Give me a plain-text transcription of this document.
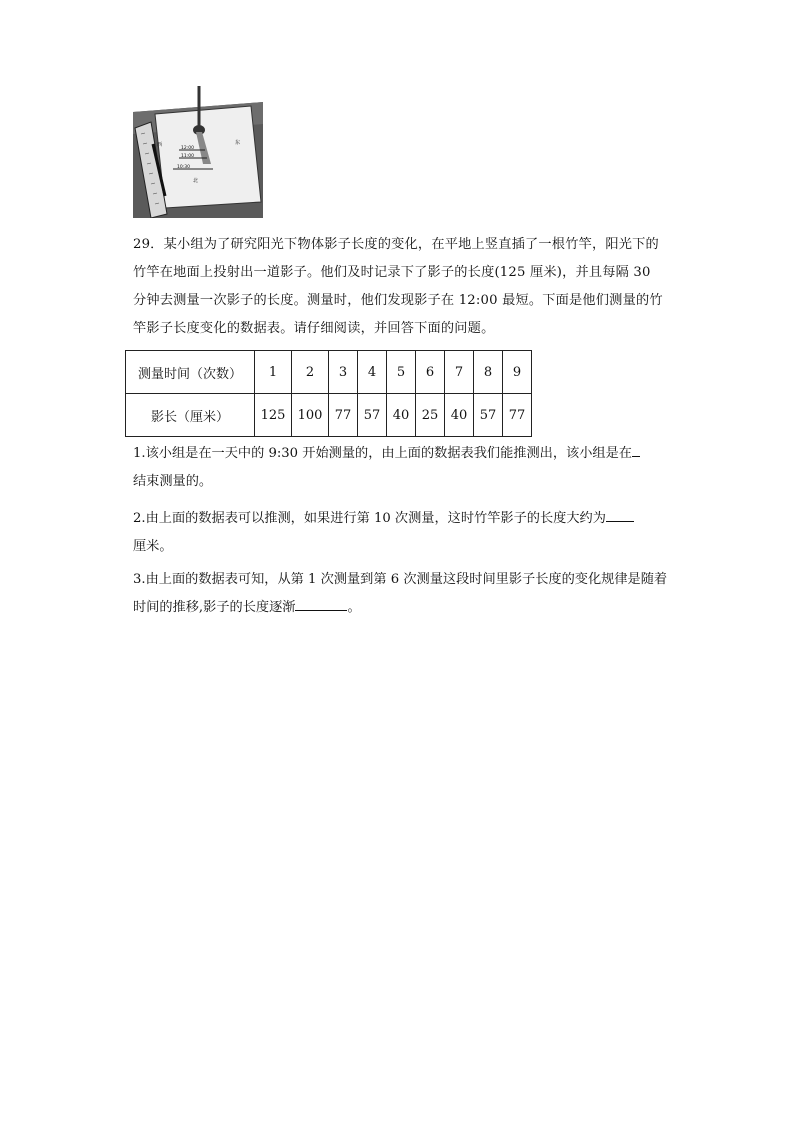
12:00
11:00
10:30
东
西
北
29．某小组为了研究阳光下物体影子长度的变化，在平地上竖直插了一根竹竿，阳光下的竹竿在地面上投射出一道影子。他们及时记录下了影子的长度(125 厘米)，并且每隔 30 分钟去测量一次影子的长度。测量时，他们发现影子在 12:00 最短。下面是他们测量的竹竿影子长度变化的数据表。请仔细阅读，并回答下面的问题。
测量时间（次数）	1	2	3	4	5	6	7	8	9
影长（厘米）	125	100	77	57	40	25	40	57	77
1.该小组是在一天中的 9:30 开始测量的，由上面的数据表我们能推测出，该小组是在
结束测量的。
2.由上面的数据表可以推测，如果进行第 10 次测量，这时竹竿影子的长度大约为
厘米。
3.由上面的数据表可知，从第 1 次测量到第 6 次测量这段时间里影子长度的变化规律是随着时间的推移,影子的长度逐渐	。
